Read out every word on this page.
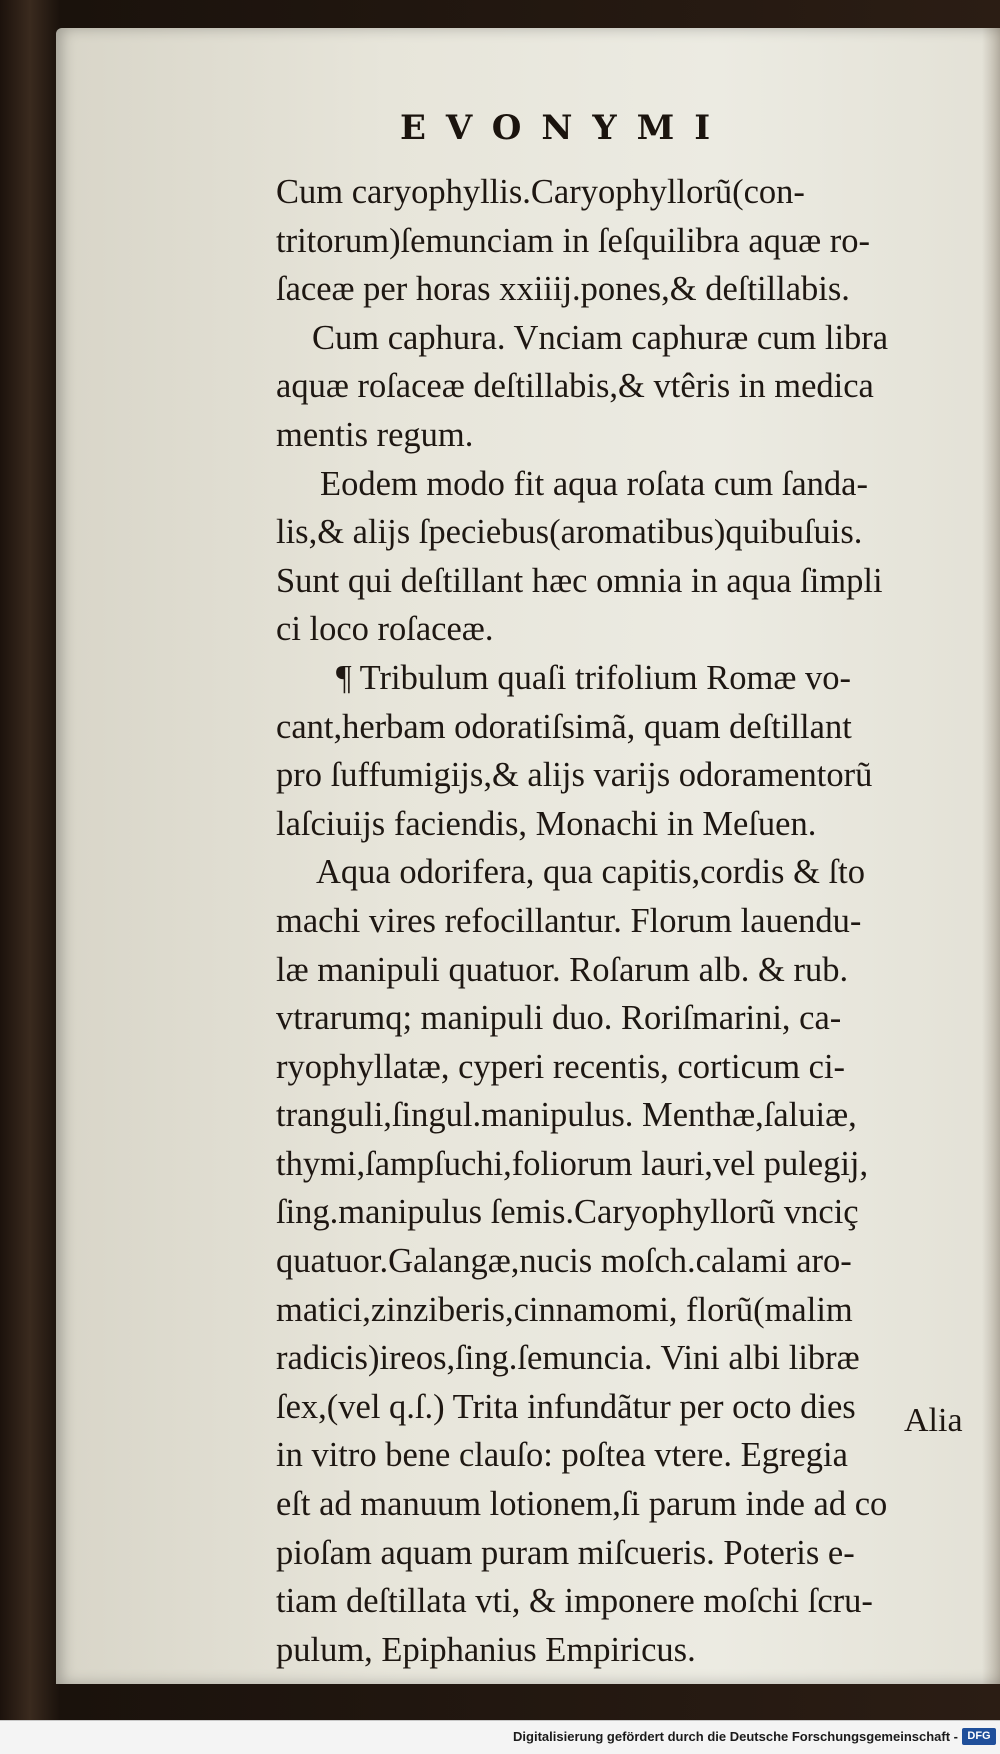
EVONYMI
Cum caryophyllis.Caryophyllorũ(con-
tritorum)ſemunciam in ſeſquilibra aquæ ro-
ſaceæ per horas xxiiij.pones,& deſtillabis.
Cum caphura. Vnciam caphuræ cum libra
aquæ roſaceæ deſtillabis,& vtêris in medica
mentis regum.
Eodem modo fit aqua roſata cum ſanda-
lis,& alijs ſpeciebus(aromatibus)quibuſuis.
Sunt qui deſtillant hæc omnia in aqua ſimpli
ci loco roſaceæ.
¶ Tribulum quaſi trifolium Romæ vo-
cant,herbam odoratiſsimã, quam deſtillant
pro ſuffumigijs,& alijs varijs odoramentorũ
laſciuijs faciendis, Monachi in Meſuen.
Aqua odorifera, qua capitis,cordis & ſto
machi vires refocillantur. Florum lauendu-
læ manipuli quatuor. Roſarum alb. & rub.
vtrarumq; manipuli duo. Roriſmarini, ca-
ryophyllatæ, cyperi recentis, corticum ci-
tranguli,ſingul.manipulus. Menthæ,ſaluiæ,
thymi,ſampſuchi,foliorum lauri,vel pulegij,
ſing.manipulus ſemis.Caryophyllorũ vnciç
quatuor.Galangæ,nucis moſch.calami aro-
matici,zinziberis,cinnamomi, florũ(malim
radicis)ireos,ſing.ſemuncia. Vini albi libræ
ſex,(vel q.ſ.) Trita infundãtur per octo dies
in vitro bene clauſo: poſtea vtere. Egregia
eſt ad manuum lotionem,ſi parum inde ad co
pioſam aquam puram miſcueris. Poteris e-
tiam deſtillata vti, & imponere moſchi ſcru-
pulum, Epiphanius Empiricus.
Alia
Digitalisierung gefördert durch die Deutsche Forschungsgemeinschaft - DFG
